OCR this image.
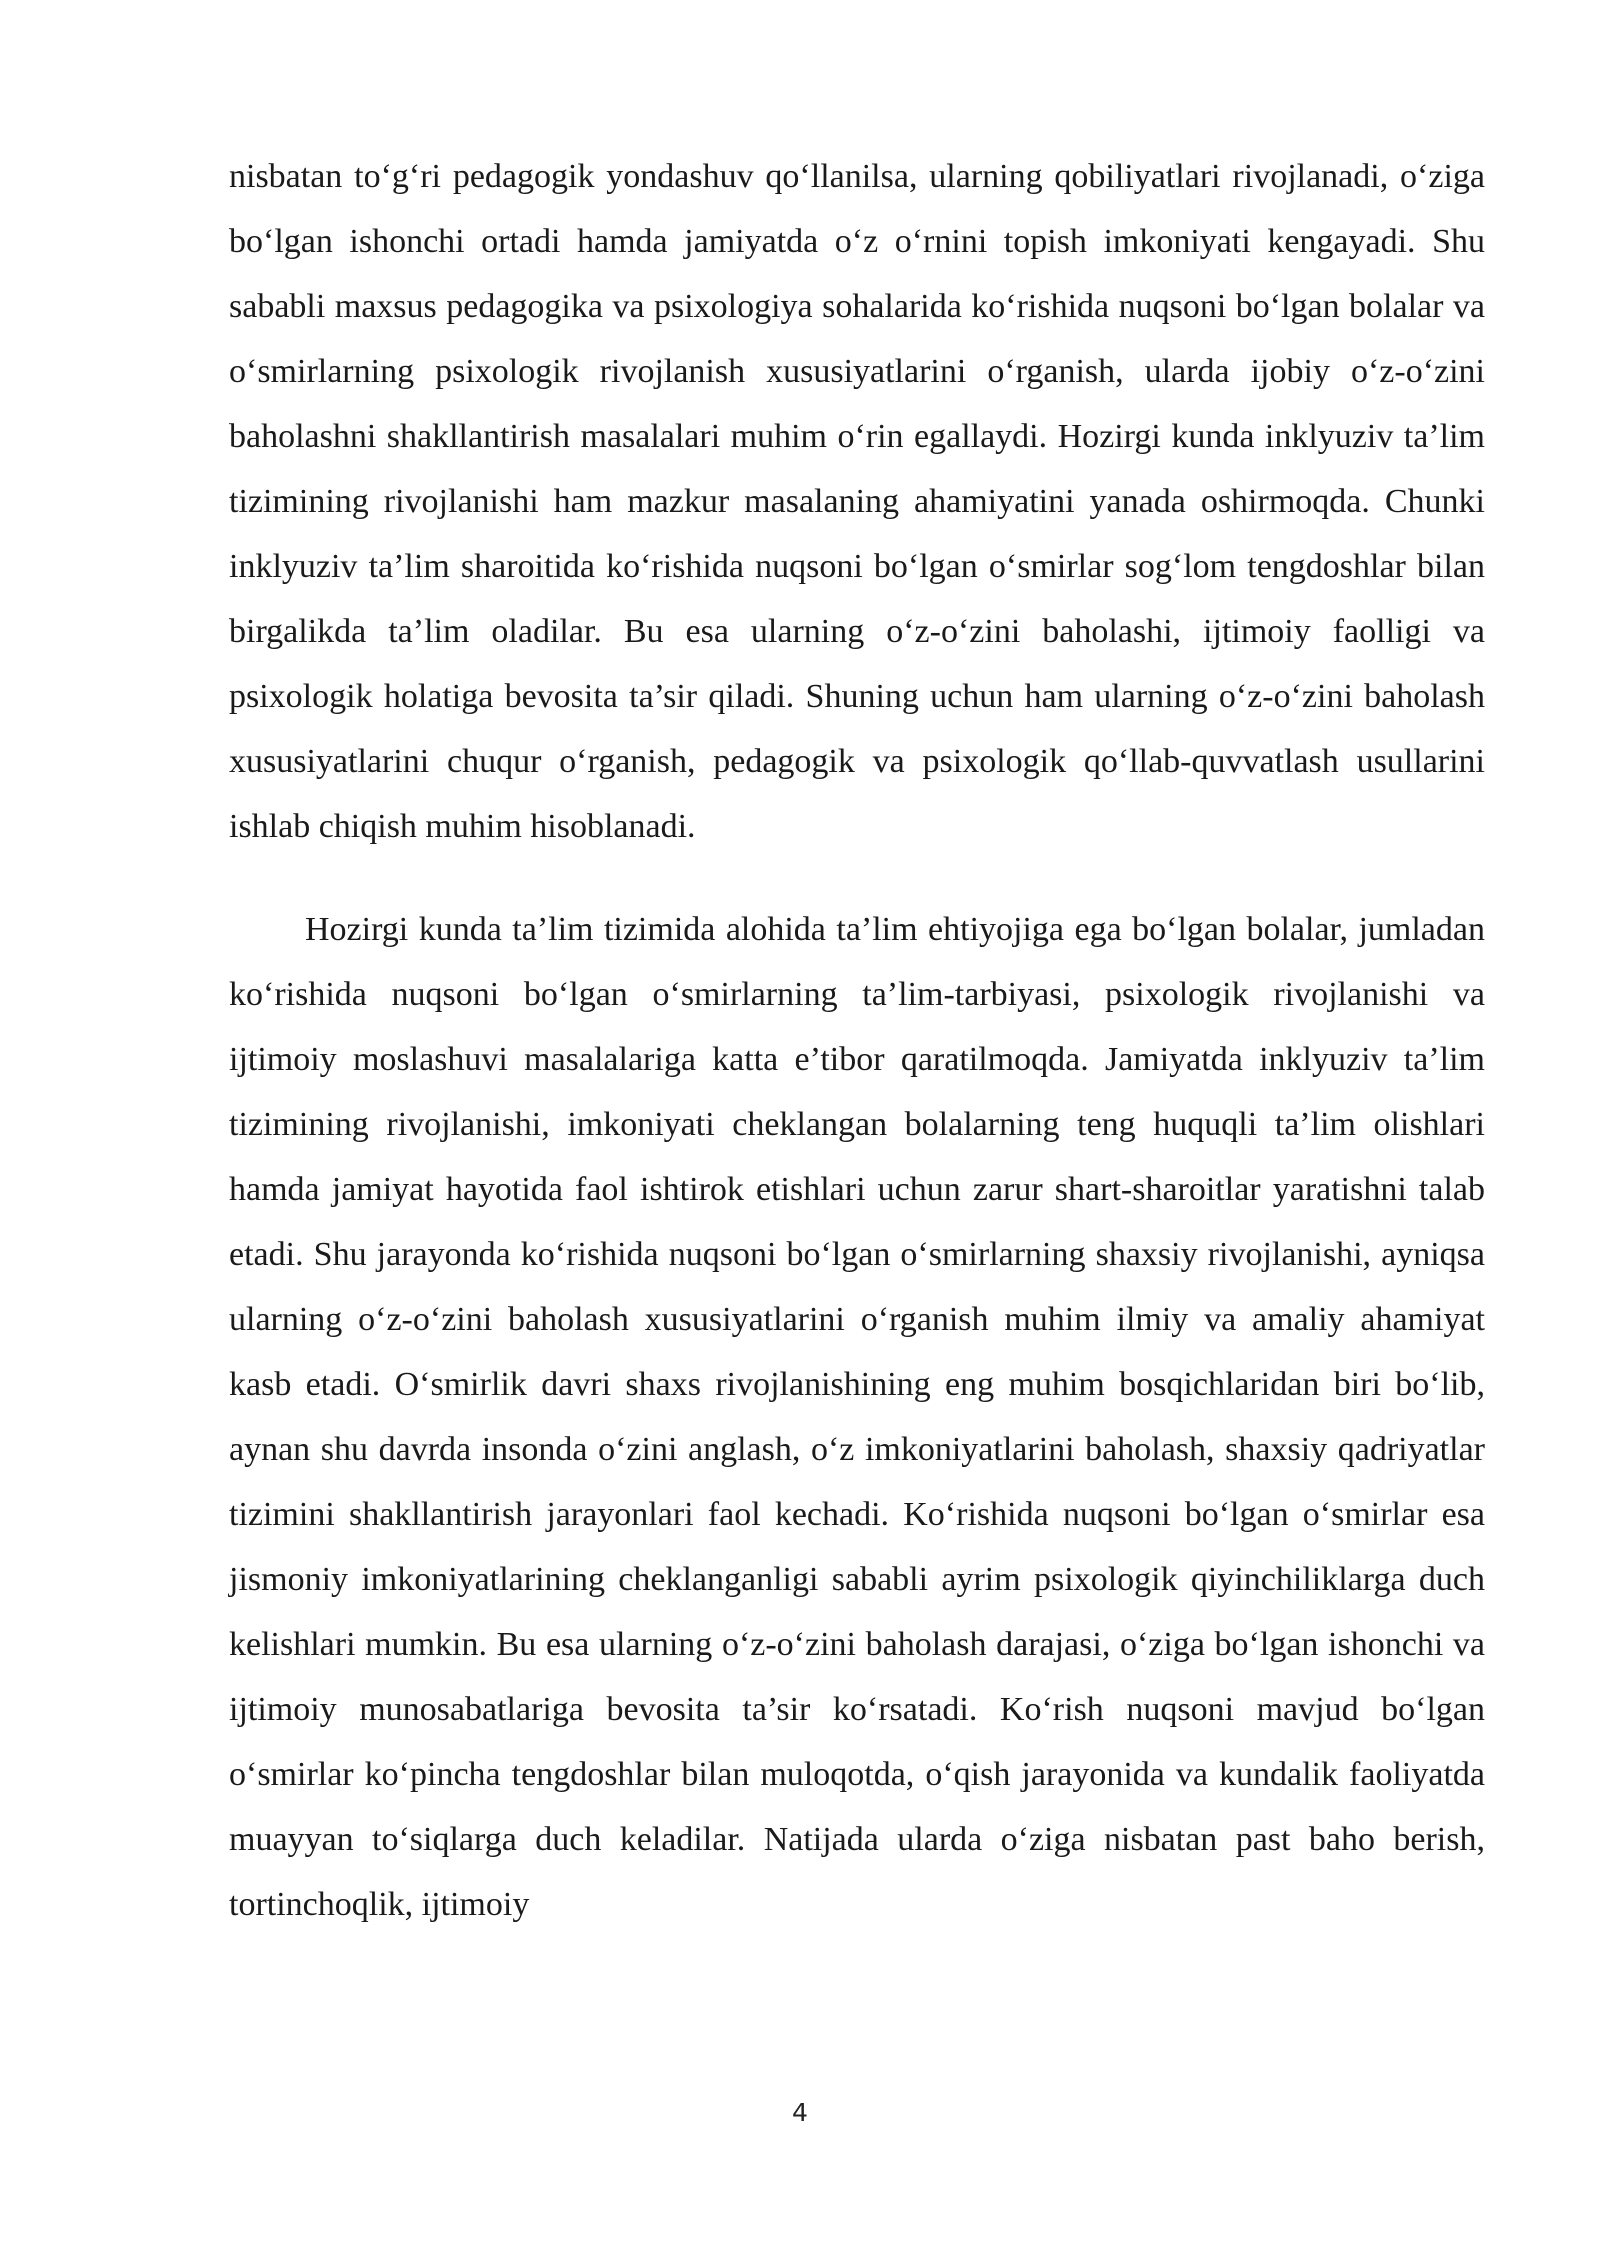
nisbatan to‘g‘ri pedagogik yondashuv qo‘llanilsa, ularning qobiliyatlari rivojlanadi, o‘ziga bo‘lgan ishonchi ortadi hamda jamiyatda o‘z o‘rnini topish imkoniyati kengayadi. Shu sababli maxsus pedagogika va psixologiya sohalarida ko‘rishida nuqsoni bo‘lgan bolalar va o‘smirlarning psixologik rivojlanish xususiyatlarini o‘rganish, ularda ijobiy o‘z-o‘zini baholashni shakllantirish masalalari muhim o‘rin egallaydi. Hozirgi kunda inklyuziv ta’lim tizimining rivojlanishi ham mazkur masalaning ahamiyatini yanada oshirmoqda. Chunki inklyuziv ta’lim sharoitida ko‘rishida nuqsoni bo‘lgan o‘smirlar sog‘lom tengdoshlar bilan birgalikda ta’lim oladilar. Bu esa ularning o‘z-o‘zini baholashi, ijtimoiy faolligi va psixologik holatiga bevosita ta’sir qiladi. Shuning uchun ham ularning o‘z-o‘zini baholash xususiyatlarini chuqur o‘rganish, pedagogik va psixologik qo‘llab-quvvatlash usullarini ishlab chiqish muhim hisoblanadi.

Hozirgi kunda ta’lim tizimida alohida ta’lim ehtiyojiga ega bo‘lgan bolalar, jumladan ko‘rishida nuqsoni bo‘lgan o‘smirlarning ta’lim-tarbiyasi, psixologik rivojlanishi va ijtimoiy moslashuvi masalalariga katta e’tibor qaratilmoqda. Jamiyatda inklyuziv ta’lim tizimining rivojlanishi, imkoniyati cheklangan bolalarning teng huquqli ta’lim olishlari hamda jamiyat hayotida faol ishtirok etishlari uchun zarur shart-sharoitlar yaratishni talab etadi. Shu jarayonda ko‘rishida nuqsoni bo‘lgan o‘smirlarning shaxsiy rivojlanishi, ayniqsa ularning o‘z-o‘zini baholash xususiyatlarini o‘rganish muhim ilmiy va amaliy ahamiyat kasb etadi. O‘smirlik davri shaxs rivojlanishining eng muhim bosqichlaridan biri bo‘lib, aynan shu davrda insonda o‘zini anglash, o‘z imkoniyatlarini baholash, shaxsiy qadriyatlar tizimini shakllantirish jarayonlari faol kechadi. Ko‘rishida nuqsoni bo‘lgan o‘smirlar esa jismoniy imkoniyatlarining cheklanganligi sababli ayrim psixologik qiyinchiliklarga duch kelishlari mumkin. Bu esa ularning o‘z-o‘zini baholash darajasi, o‘ziga bo‘lgan ishonchi va ijtimoiy munosabatlariga bevosita ta’sir ko‘rsatadi. Ko‘rish nuqsoni mavjud bo‘lgan o‘smirlar ko‘pincha tengdoshlar bilan muloqotda, o‘qish jarayonida va kundalik faoliyatda muayyan to‘siqlarga duch keladilar. Natijada ularda o‘ziga nisbatan past baho berish, tortinchoqlik, ijtimoiy

4
